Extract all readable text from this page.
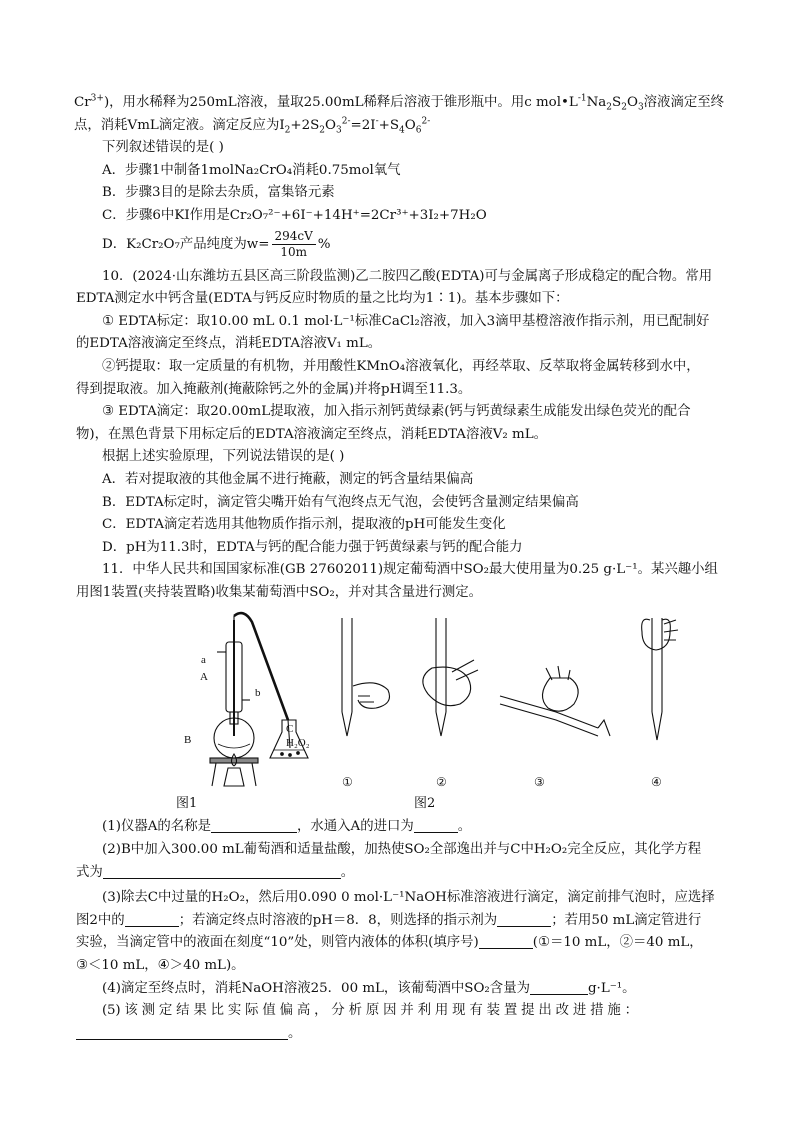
$Cr^{3+}$)，用水稀释为250mL溶液，量取25.00mL稀释后溶液于锥形瓶中。用c $mol•L^{-1}Na_2S_2O_3$溶液滴定至终
点，消耗VmL滴定液。滴定反应为$I_2+2S_2O_3^{2-}=2I^-+S_4O_6^{2-}$
下列叙述错误的是( )
A．步骤1中制备1molNa₂CrO₄消耗0.75mol氧气
B．步骤3目的是除去杂质，富集铬元素
C．步骤6中KI作用是Cr₂O₇²⁻+6I⁻+14H⁺=2Cr³⁺+3I₂+7H₂O
D．K₂Cr₂O₇产品纯度为$w= \frac{294cV}{10m}$ %
10．(2024·山东潍坊五县区高三阶段监测)乙二胺四乙酸(EDTA)可与金属离子形成稳定的配合物。常用
EDTA测定水中钙含量(EDTA与钙反应时物质的量之比均为1∶1)。基本步骤如下：
① EDTA标定：取10.00 mL 0.1 mol·L⁻¹标准CaCl₂溶液，加入3滴甲基橙溶液作指示剂，用已配制好
的EDTA溶液滴定至终点，消耗EDTA溶液V₁ mL。
②钙提取：取一定质量的有机物，并用酸性KMnO₄溶液氧化，再经萃取、反萃取将金属转移到水中，
得到提取液。加入掩蔽剂(掩蔽除钙之外的金属)并将pH调至11.3。
③ EDTA滴定：取20.00mL提取液，加入指示剂钙黄绿素(钙与钙黄绿素生成能发出绿色荧光的配合
物)，在黑色背景下用标定后的EDTA溶液滴定至终点，消耗EDTA溶液V₂ mL。
根据上述实验原理，下列说法错误的是( )
A．若对提取液的其他金属不进行掩蔽，测定的钙含量结果偏高
B．EDTA标定时，滴定管尖嘴开始有气泡终点无气泡，会使钙含量测定结果偏高
C．EDTA滴定若选用其他物质作指示剂，提取液的pH可能发生变化
D．pH为11.3时，EDTA与钙的配合能力强于钙黄绿素与钙的配合能力
11．中华人民共和国国家标准(GB 27602011)规定葡萄酒中SO₂最大使用量为0.25 g·L⁻¹。某兴趣小组
用图1装置(夹持装置略)收集某葡萄酒中SO₂，并对其含量进行测定。
a
A
b
B
C
H₂O₂
①	②	③	④
图1	图2
(1)仪器A的名称是	，水通入A的进口为	。
(2)B中加入300.00 mL葡萄酒和适量盐酸，加热使SO₂全部逸出并与C中H₂O₂完全反应，其化学方程
式为	。
(3)除去C中过量的H₂O₂，然后用0.090 0 mol·L⁻¹NaOH标准溶液进行滴定，滴定前排气泡时，应选择
图2中的	；若滴定终点时溶液的pH＝8．8，则选择的指示剂为	；若用50 mL滴定管进行
实验，当滴定管中的液面在刻度“10”处，则管内液体的体积(填序号)	(①＝10 mL，②＝40 mL，
③＜10 mL，④＞40 mL)。
(4)滴定至终点时，消耗NaOH溶液25．00 mL，该葡萄酒中SO₂含量为	g·L⁻¹。
(5) 该 测 定 结 果 比 实 际 值 偏 高 ， 分 析 原 因 并 利 用 现 有 装 置 提 出 改 进 措 施 ：
。
